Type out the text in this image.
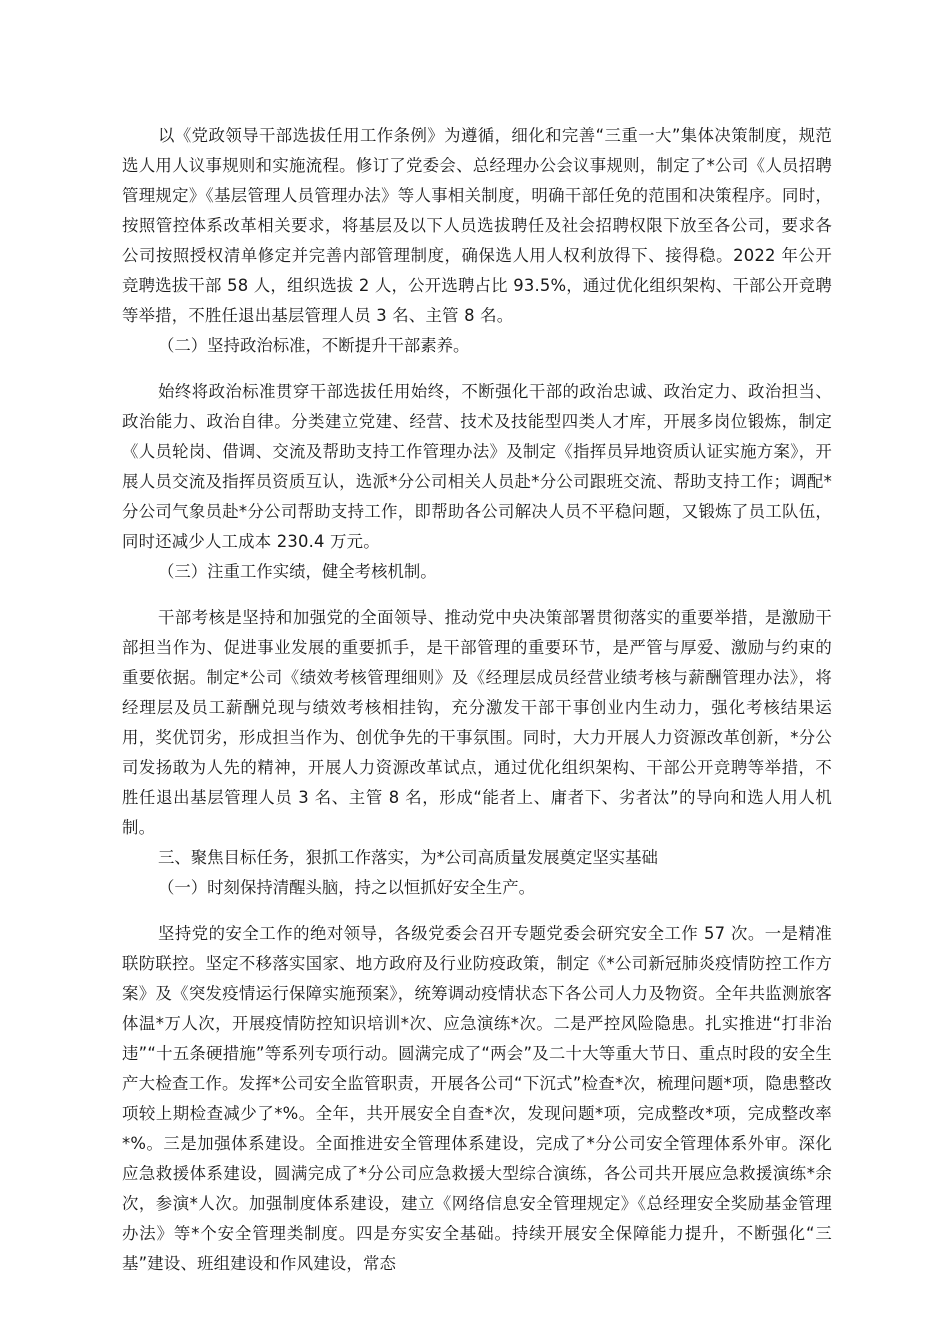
以《党政领导干部选拔任用工作条例》为遵循，细化和完善“三重一大”集体决策制度，规范选人用人议事规则和实施流程。修订了党委会、总经理办公会议事规则，制定了*公司《人员招聘管理规定》《基层管理人员管理办法》等人事相关制度，明确干部任免的范围和决策程序。同时，按照管控体系改革相关要求，将基层及以下人员选拔聘任及社会招聘权限下放至各公司，要求各公司按照授权清单修定并完善内部管理制度，确保选人用人权利放得下、接得稳。2022 年公开竞聘选拔干部 58 人，组织选拔 2 人，公开选聘占比 93.5%，通过优化组织架构、干部公开竞聘等举措，不胜任退出基层管理人员 3 名、主管 8 名。

（二）坚持政治标准，不断提升干部素养。

始终将政治标准贯穿干部选拔任用始终，不断强化干部的政治忠诚、政治定力、政治担当、政治能力、政治自律。分类建立党建、经营、技术及技能型四类人才库，开展多岗位锻炼，制定《人员轮岗、借调、交流及帮助支持工作管理办法》及制定《指挥员异地资质认证实施方案》，开展人员交流及指挥员资质互认，选派*分公司相关人员赴*分公司跟班交流、帮助支持工作；调配*分公司气象员赴*分公司帮助支持工作，即帮助各公司解决人员不平稳问题，又锻炼了员工队伍，同时还减少人工成本 230.4 万元。

（三）注重工作实绩，健全考核机制。

干部考核是坚持和加强党的全面领导、推动党中央决策部署贯彻落实的重要举措，是激励干部担当作为、促进事业发展的重要抓手，是干部管理的重要环节，是严管与厚爱、激励与约束的重要依据。制定*公司《绩效考核管理细则》及《经理层成员经营业绩考核与薪酬管理办法》，将经理层及员工薪酬兑现与绩效考核相挂钩，充分激发干部干事创业内生动力，强化考核结果运用，奖优罚劣，形成担当作为、创优争先的干事氛围。同时，大力开展人力资源改革创新，*分公司发扬敢为人先的精神，开展人力资源改革试点，通过优化组织架构、干部公开竞聘等举措，不胜任退出基层管理人员 3 名、主管 8 名，形成“能者上、庸者下、劣者汰”的导向和选人用人机制。

三、聚焦目标任务，狠抓工作落实，为*公司高质量发展奠定坚实基础

（一）时刻保持清醒头脑，持之以恒抓好安全生产。

坚持党的安全工作的绝对领导，各级党委会召开专题党委会研究安全工作 57 次。一是精准联防联控。坚定不移落实国家、地方政府及行业防疫政策，制定《*公司新冠肺炎疫情防控工作方案》及《突发疫情运行保障实施预案》，统筹调动疫情状态下各公司人力及物资。全年共监测旅客体温*万人次，开展疫情防控知识培训*次、应急演练*次。二是严控风险隐患。扎实推进“打非治违”“十五条硬措施”等系列专项行动。圆满完成了“两会”及二十大等重大节日、重点时段的安全生产大检查工作。发挥*公司安全监管职责，开展各公司“下沉式”检查*次，梳理问题*项，隐患整改项较上期检查减少了*%。全年，共开展安全自查*次，发现问题*项，完成整改*项，完成整改率*%。三是加强体系建设。全面推进安全管理体系建设，完成了*分公司安全管理体系外审。深化应急救援体系建设，圆满完成了*分公司应急救援大型综合演练，各公司共开展应急救援演练*余次，参演*人次。加强制度体系建设，建立《网络信息安全管理规定》《总经理安全奖励基金管理办法》等*个安全管理类制度。四是夯实安全基础。持续开展安全保障能力提升，不断强化“三基”建设、班组建设和作风建设，常态
